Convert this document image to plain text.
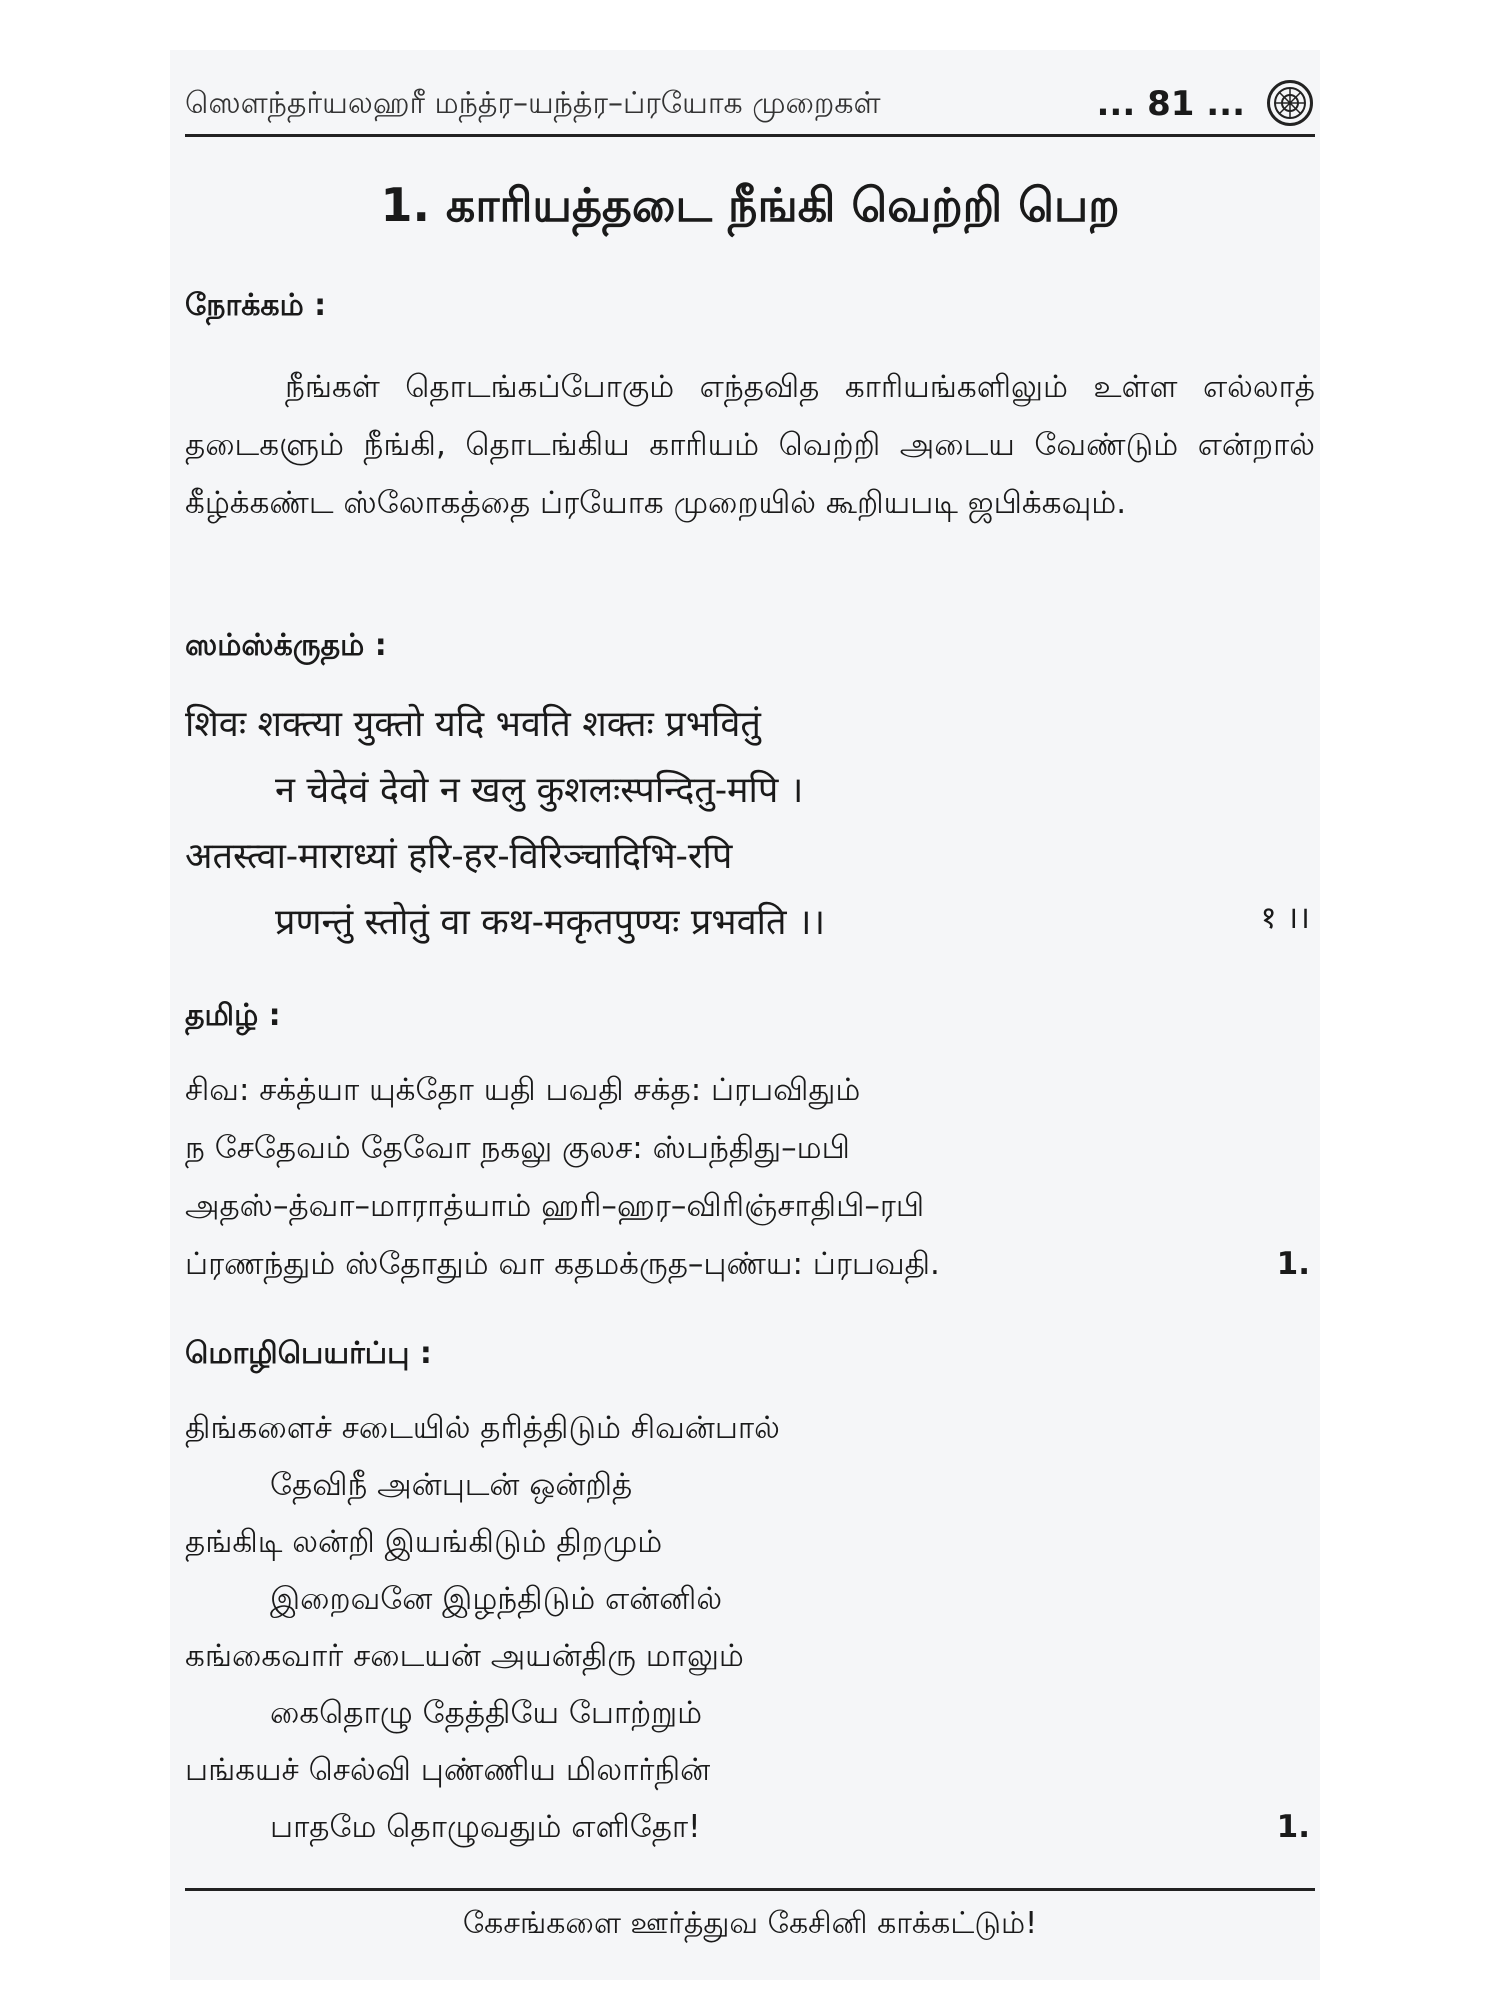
ஸௌந்தர்யலஹரீ மந்த்ர–யந்த்ர–ப்ரயோக முறைகள்	... 81 ...
1. காரியத்தடை நீங்கி வெற்றி பெற
நோக்கம் :
நீங்கள் தொடங்கப்போகும் எந்தவித காரியங்களிலும் உள்ள எல்லாத் தடைகளும் நீங்கி, தொடங்கிய காரியம் வெற்றி அடைய வேண்டும் என்றால் கீழ்க்கண்ட ஸ்லோகத்தை ப்ரயோக முறையில் கூறியபடி ஜபிக்கவும்.
ஸம்ஸ்க்ருதம் :
शिवः शक्त्या युक्तो यदि भवति शक्तः प्रभवितुं
न चेदेवं देवो न खलु कुशलःस्पन्दितु-मपि ।
अतस्त्वा-माराध्यां हरि-हर-विरिञ्चादिभि-रपि
प्रणन्तुं स्तोतुं वा कथ-मकृतपुण्यः प्रभवति ।।	१ ।।
தமிழ் :
சிவ: சக்த்யா யுக்தோ யதி பவதி சக்த: ப்ரபவிதும்
ந சேதேவம் தேவோ நகலு குலச: ஸ்பந்திது–மபி
அதஸ்–த்வா–மாராத்யாம் ஹரி–ஹர–விரிஞ்சாதிபி–ரபி
ப்ரணந்தும் ஸ்தோதும் வா கதமக்ருத–புண்ய: ப்ரபவதி.	1.
மொழிபெயர்ப்பு :
திங்களைச் சடையில் தரித்திடும் சிவன்பால்
தேவிநீ அன்புடன் ஒன்றித்
தங்கிடி லன்றி இயங்கிடும் திறமும்
இறைவனே இழந்திடும் என்னில்
கங்கைவார் சடையன் அயன்திரு மாலும்
கைதொழு தேத்தியே போற்றும்
பங்கயச் செல்வி புண்ணிய மிலார்நின்
பாதமே தொழுவதும் எளிதோ!	1.
கேசங்களை ஊர்த்துவ கேசினி காக்கட்டும்!
